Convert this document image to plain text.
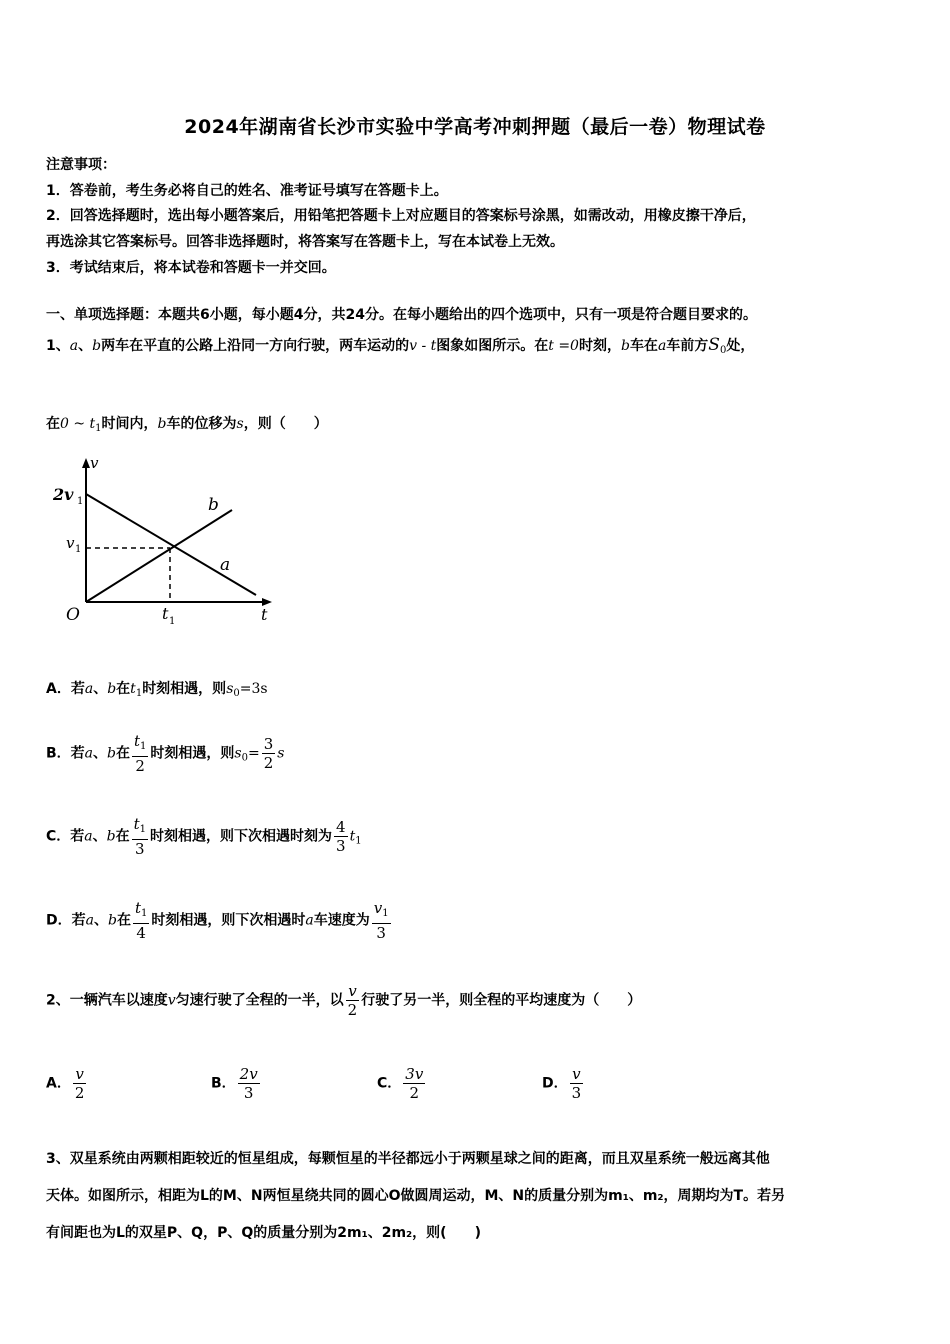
2024年湖南省长沙市实验中学高考冲刺押题（最后一卷）物理试卷
注意事项：
1．答卷前，考生务必将自己的姓名、准考证号填写在答题卡上。
2．回答选择题时，选出每小题答案后，用铅笔把答题卡上对应题目的答案标号涂黑，如需改动，用橡皮擦干净后，
再选涂其它答案标号。回答非选择题时，将答案写在答题卡上，写在本试卷上无效。
3．考试结束后，将本试卷和答题卡一并交回。
一、单项选择题：本题共6小题，每小题4分，共24分。在每小题给出的四个选项中，只有一项是符合题目要求的。
1、a、b两车在平直的公路上沿同一方向行驶，两车运动的v - t图象如图所示。在t =0时刻，b车在a车前方$S_0$处，
在0 ~ $t_1$时间内，b车的位移为s，则（　　）
v
2v 1
v 1
b
a
O	t 1	t
A．若a、b在$t_1$时刻相遇，则$s_0=3s$
B．若a、b在 $\frac{t_1}{2}$ 时刻相遇，则$s_0= \frac{3}{2}$ s
C．若a、b在 $\frac{t_1}{3}$ 时刻相遇，则下次相遇时刻为 $\frac{4}{3} t_1$
D．若a、b在 $\frac{t_1}{4}$ 时刻相遇，则下次相遇时a车速度为 $\frac{v_1}{3}$
2、一辆汽车以速度v匀速行驶了全程的一半，以 $\frac{v}{2}$ 行驶了另一半，则全程的平均速度为（　　）
A． $\frac{v}{2}$	B． $\frac{2v}{3}$	C． $\frac{3v}{2}$	D． $\frac{v}{3}$
3、双星系统由两颗相距较近的恒星组成，每颗恒星的半径都远小于两颗星球之间的距离，而且双星系统一般远离其他
天体。如图所示，相距为L的M、N两恒星绕共同的圆心O做圆周运动，M、N的质量分别为m₁、m₂，周期均为T。若另
有间距也为L的双星P、Q，P、Q的质量分别为2m₁、2m₂，则(　　)
